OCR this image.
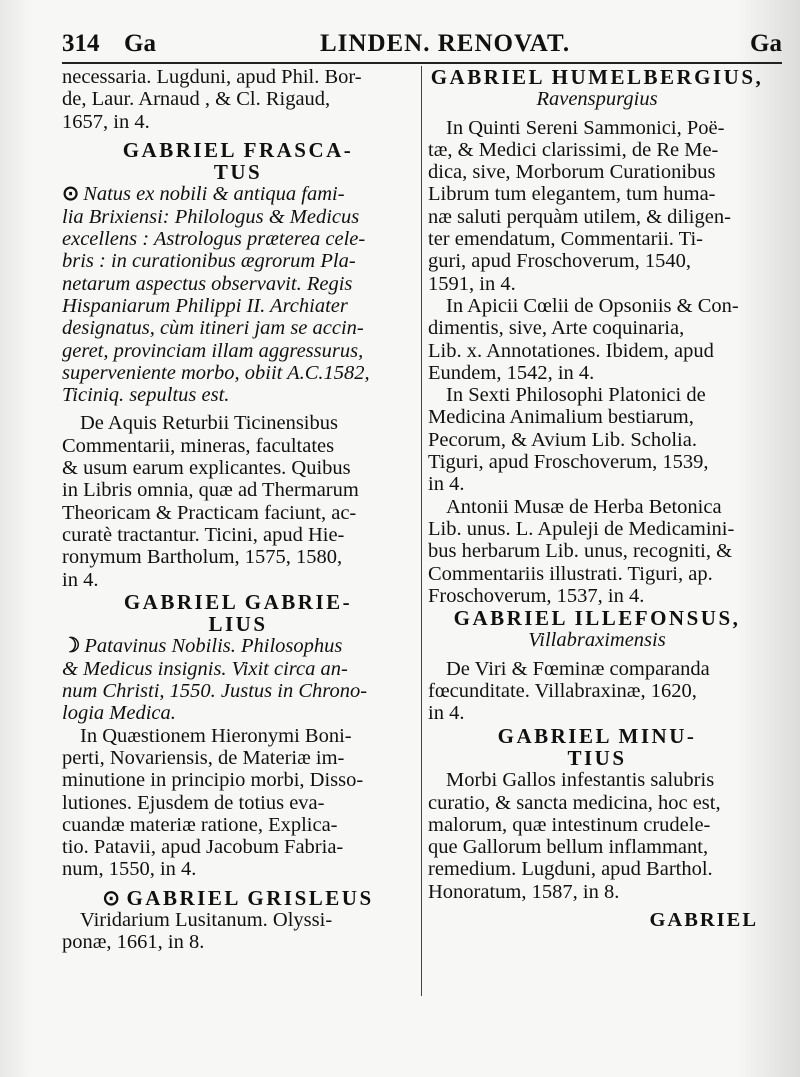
314 Ga	LINDEN. RENOVAT.	Ga
necessaria. Lugduni, apud Phil. Bor-
de, Laur. Arnaud , & Cl. Rigaud,
1657, in 4.
GABRIEL FRASCA-
TUS
⊙ Natus ex nobili & antiqua fami-
lia Brixiensi: Philologus & Medicus
excellens : Astrologus præterea cele-
bris : in curationibus ægrorum Pla-
netarum aspectus observavit. Regis
Hispaniarum Philippi II. Archiater
designatus, cùm itineri jam se accin-
geret, provinciam illam aggressurus,
superveniente morbo, obiit A.C.1582,
Ticiniq. sepultus est.
De Aquis Returbii Ticinensibus
Commentarii, mineras, facultates
& usum earum explicantes. Quibus
in Libris omnia, quæ ad Thermarum
Theoricam & Practicam faciunt, ac-
curatè tractantur. Ticini, apud Hie-
ronymum Bartholum, 1575, 1580,
in 4.
GABRIEL GABRIE-
LIUS
☽ Patavinus Nobilis. Philosophus
& Medicus insignis. Vixit circa an-
num Christi, 1550. Justus in Chrono-
logia Medica.
In Quæstionem Hieronymi Boni-
perti, Novariensis, de Materiæ im-
minutione in principio morbi, Disso-
lutiones. Ejusdem de totius eva-
cuandæ materiæ ratione, Explica-
tio. Patavii, apud Jacobum Fabria-
num, 1550, in 4.
⊙ GABRIEL GRISLEUS
Viridarium Lusitanum. Olyssi-
ponæ, 1661, in 8.
GABRIEL HUMELBERGIUS,
Ravenspurgius
In Quinti Sereni Sammonici, Poë-
tæ, & Medici clarissimi, de Re Me-
dica, sive, Morborum Curationibus
Librum tum elegantem, tum huma-
næ saluti perquàm utilem, & diligen-
ter emendatum, Commentarii. Ti-
guri, apud Froschoverum, 1540,
1591, in 4.
In Apicii Cœlii de Opsoniis & Con-
dimentis, sive, Arte coquinaria,
Lib. x. Annotationes. Ibidem, apud
Eundem, 1542, in 4.
In Sexti Philosophi Platonici de
Medicina Animalium bestiarum,
Pecorum, & Avium Lib. Scholia.
Tiguri, apud Froschoverum, 1539,
in 4.
Antonii Musæ de Herba Betonica
Lib. unus. L. Apuleji de Medicamini-
bus herbarum Lib. unus, recogniti, &
Commentariis illustrati. Tiguri, ap.
Froschoverum, 1537, in 4.
GABRIEL ILLEFONSUS,
Villabraximensis
De Viri & Fœminæ comparanda
fœcunditate. Villabraxinæ, 1620,
in 4.
GABRIEL MINU-
TIUS
Morbi Gallos infestantis salubris
curatio, & sancta medicina, hoc est,
malorum, quæ intestinum crudele-
que Gallorum bellum inflammant,
remedium. Lugduni, apud Barthol.
Honoratum, 1587, in 8.
GABRIEL
